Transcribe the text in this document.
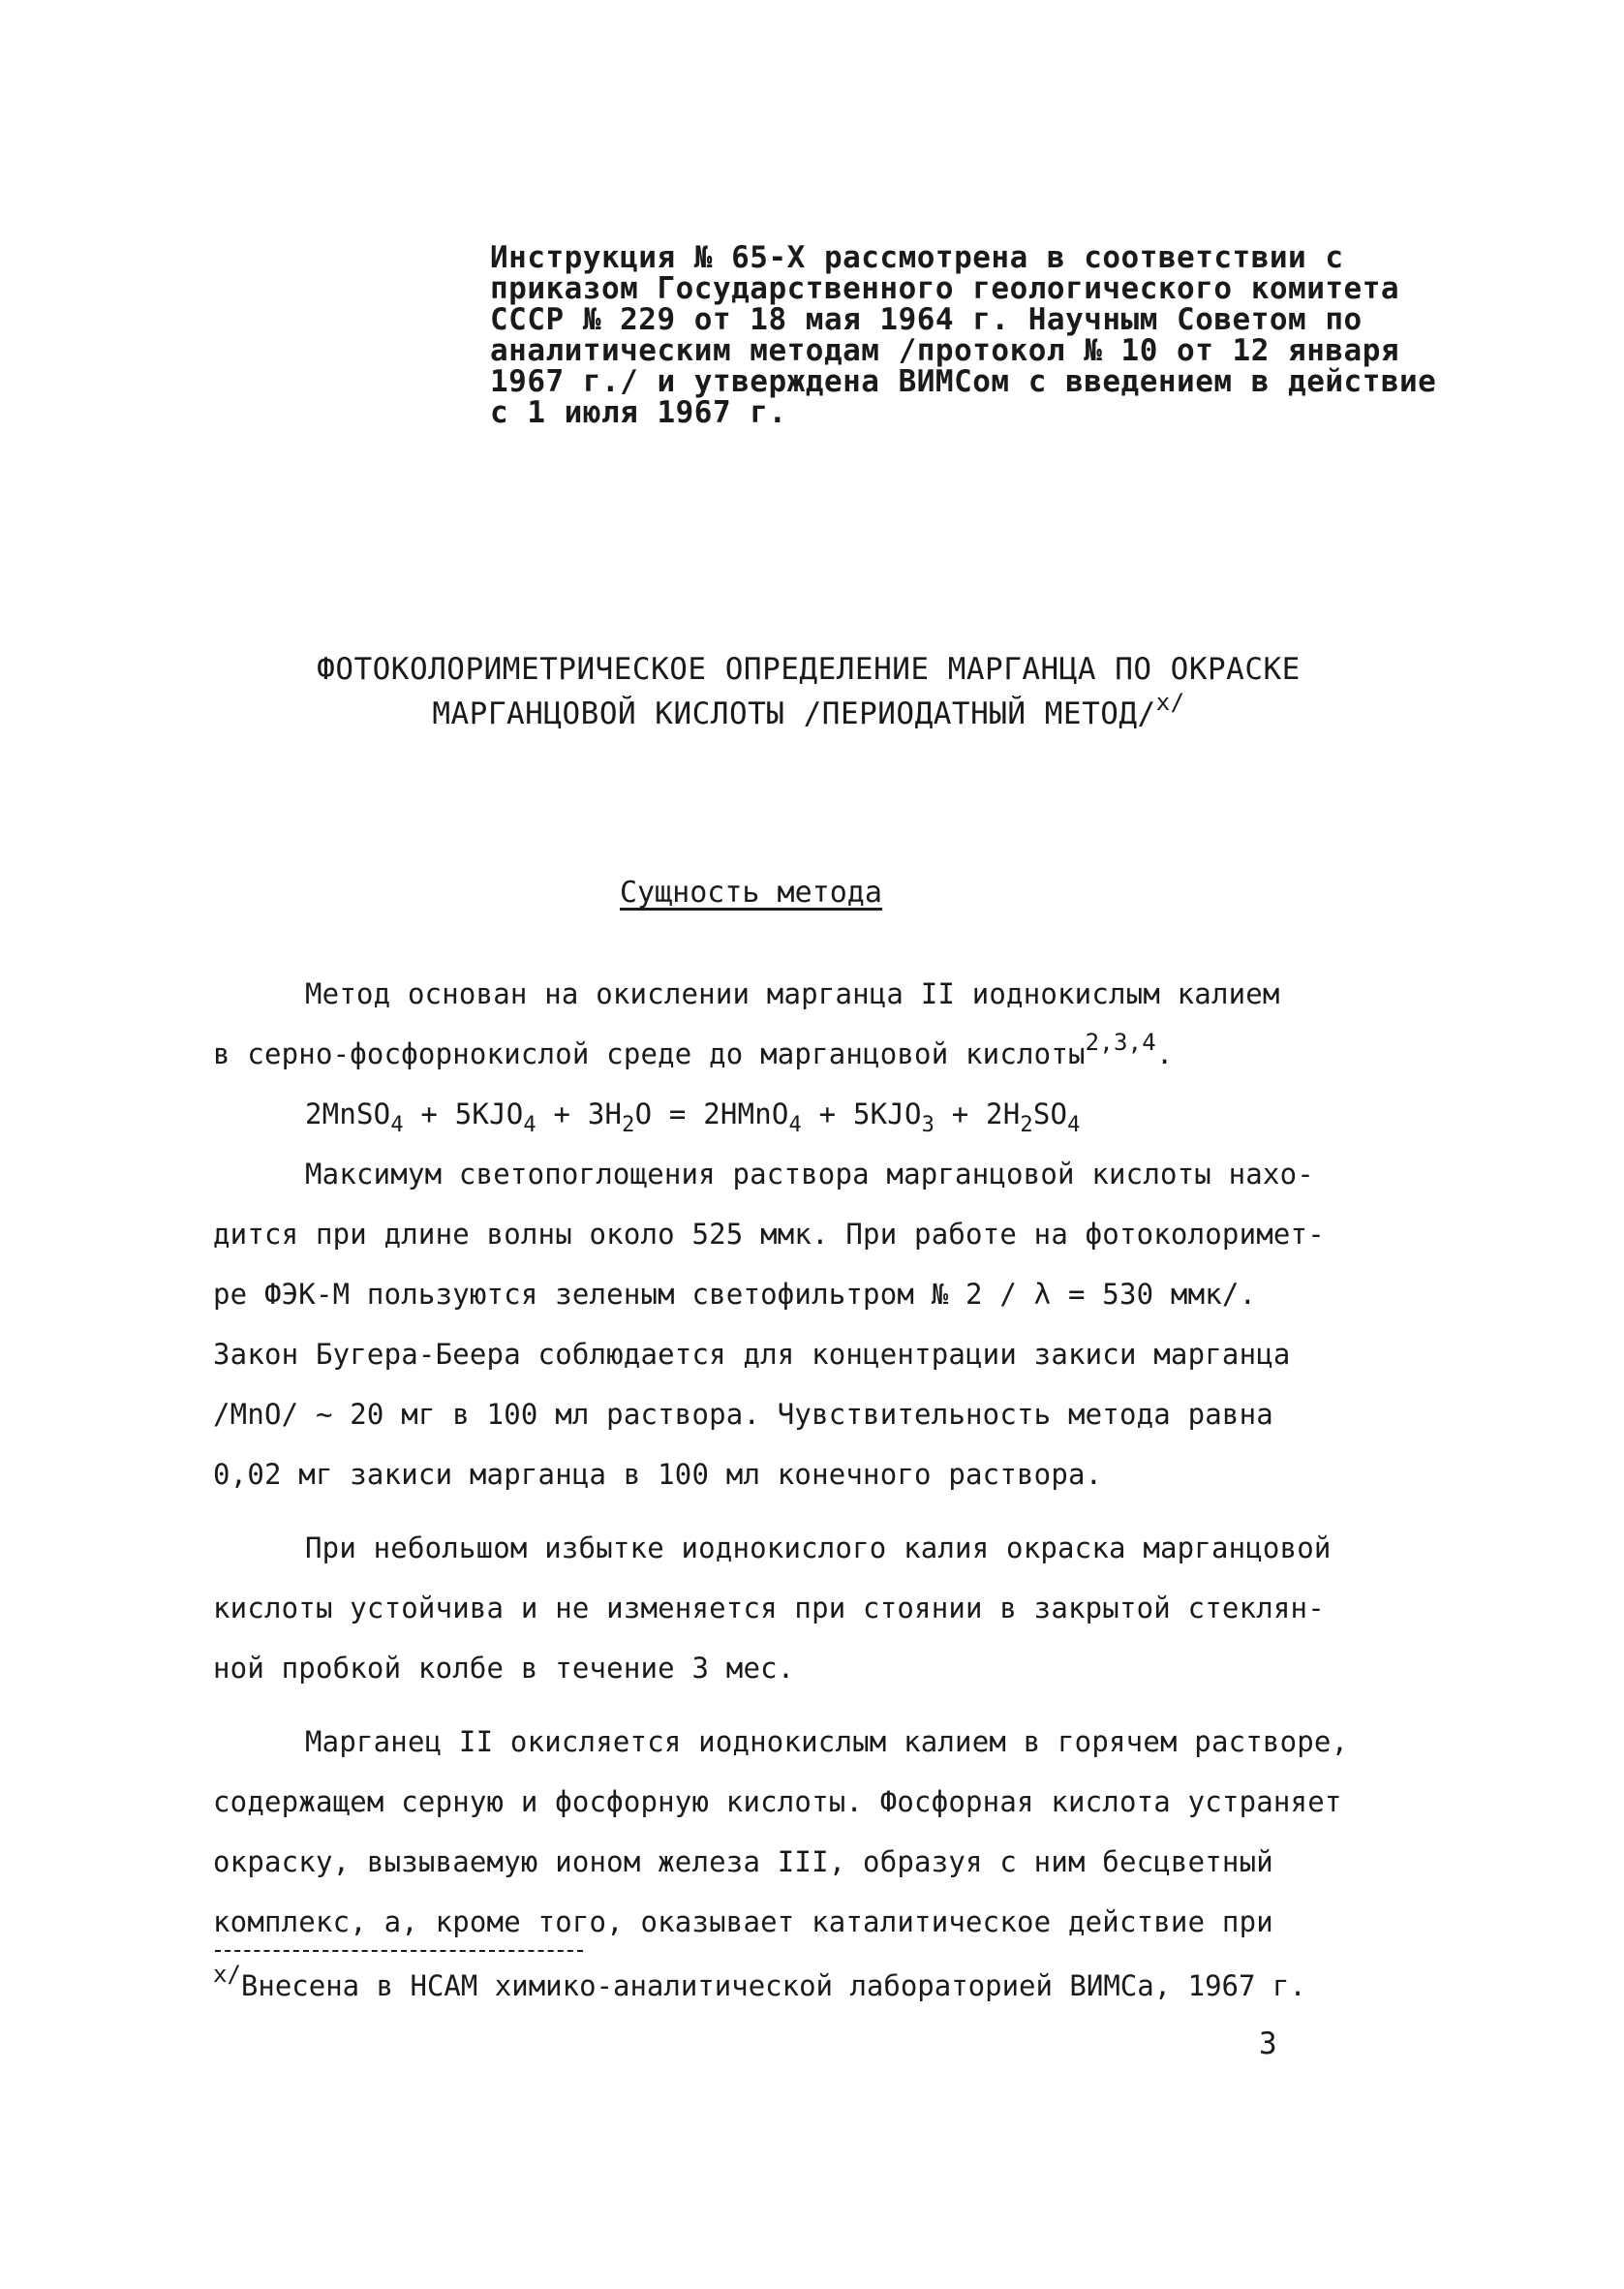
Инструкция № 65-Х рассмотрена в соответствии с
приказом Государственного геологического комитета
СССР № 229 от 18 мая 1964 г. Научным Советом по
аналитическим методам /протокол № 10 от 12 января
1967 г./ и утверждена ВИМСом с введением в действие
с 1 июля 1967 г.
ФОТОКОЛОРИМЕТРИЧЕСКОЕ ОПРЕДЕЛЕНИЕ МАРГАНЦА ПО ОКРАСКЕ
МАРГАНЦОВОЙ КИСЛОТЫ /ПЕРИОДАТНЫЙ МЕТОД/$^{x/}$
Сущность метода
Метод основан на окислении марганца II иоднокислым калием
в серно-фосфорнокислой среде до марганцовой кислоты$^{2,3,4}$.
2MnSO$_4$ + $5KJO_4 + 3H_2O$ = 2HMnO$_4$ + $5KJO_3 + 2H_2SO_4$
Максимум светопоглощения раствора марганцовой кислоты нахо-
дится при длине волны около 525 ммк. При работе на фотоколоримет-
ре ФЭК-М пользуются зеленым светофильтром № 2 / λ = 530 ммк/.
Закон Бугера-Беера соблюдается для концентрации закиси марганца
/MnO/ ~ 20 мг в 100 мл раствора. Чувствительность метода равна
0,02 мг закиси марганца в 100 мл конечного раствора.
При небольшом избытке иоднокислого калия окраска марганцовой
кислоты устойчива и не изменяется при стоянии в закрытой стеклян-
ной пробкой колбе в течение 3 мес.
Марганец II окисляется иоднокислым калием в горячем растворе,
содержащем серную и фосфорную кислоты. Фосфорная кислота устраняет
окраску, вызываемую ионом железа III, образуя с ним бесцветный
комплекс, а, кроме того, оказывает каталитическое действие при
$^{x/}$Внесена в НСАМ химико-аналитической лабораторией ВИМСа, 1967 г.
3
